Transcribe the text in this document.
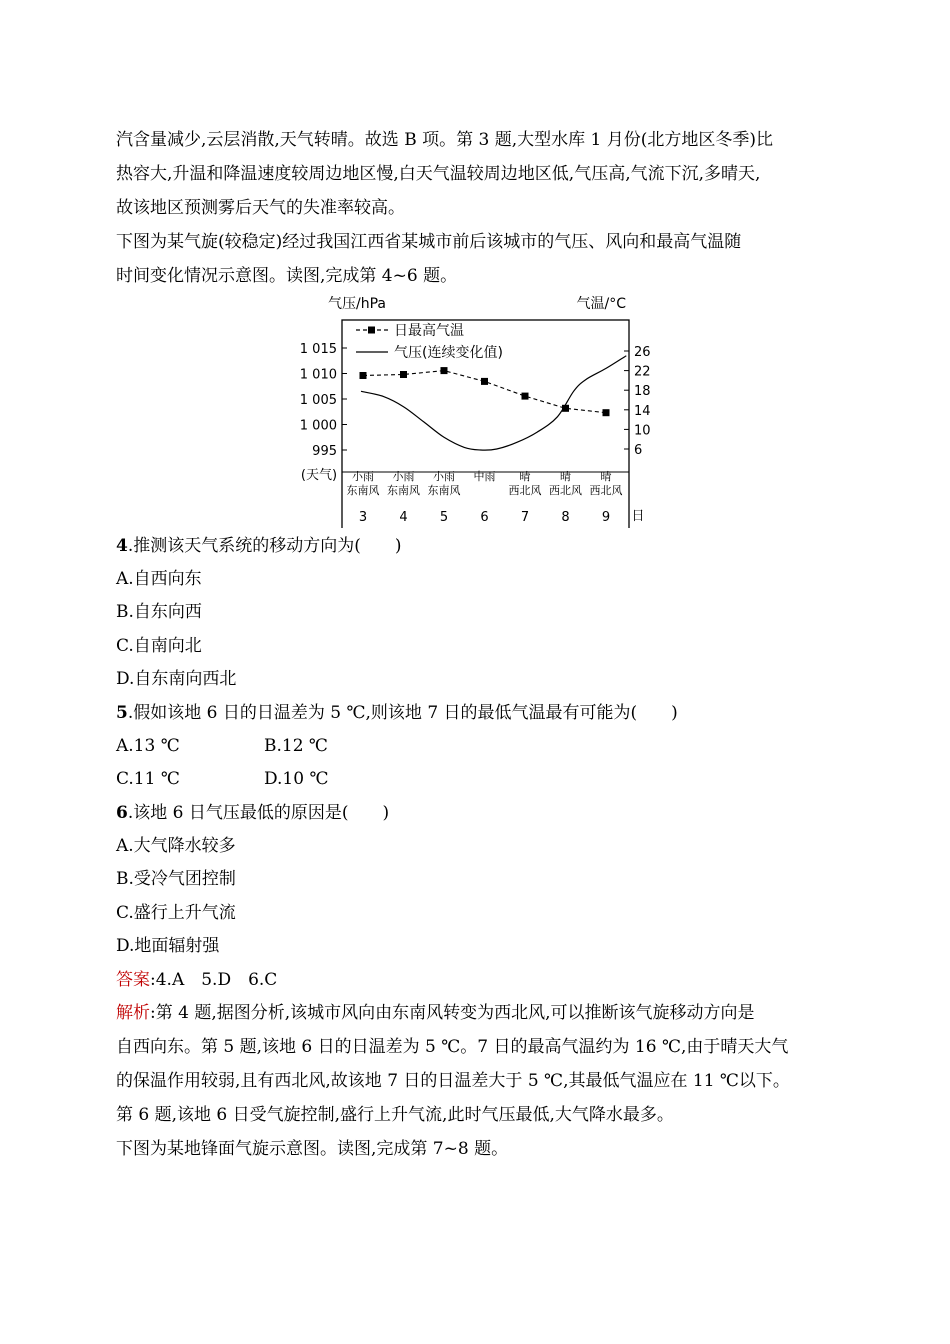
汽含量减少,云层消散,天气转晴。故选 B 项。第 3 题,大型水库 1 月份(北方地区冬季)比
热容大,升温和降温速度较周边地区慢,白天气温较周边地区低,气压高,气流下沉,多晴天,
故该地区预测雾后天气的失准率较高。
下图为某气旋(较稳定)经过我国江西省某城市前后该城市的气压、风向和最高气温随
时间变化情况示意图。读图,完成第 4~6 题。
气压/hPa	气温/°C
1 015
1 010
1 005
1 000
995
26
22
18
14
10
6
3 4 5 6 7 8 9
小雨
东南风
小雨
东南风
小雨
东南风
中雨 晴
西北风
晴
西北风
晴
西北风
(天气)
日
日最高气温
气压(连续变化值)
4.推测该天气系统的移动方向为(　　)
A.自西向东
B.自东向西
C.自南向北
D.自东南向西北
5.假如该地 6 日的日温差为 5 ℃,则该地 7 日的最低气温最有可能为(　　)
A.13 ℃	B.12 ℃
C.11 ℃	D.10 ℃
6.该地 6 日气压最低的原因是(　　)
A.大气降水较多
B.受冷气团控制
C.盛行上升气流
D.地面辐射强
答案:4.A　5.D　6.C
解析:第 4 题,据图分析,该城市风向由东南风转变为西北风,可以推断该气旋移动方向是
自西向东。第 5 题,该地 6 日的日温差为 5 ℃。7 日的最高气温约为 16 ℃,由于晴天大气
的保温作用较弱,且有西北风,故该地 7 日的日温差大于 5 ℃,其最低气温应在 11 ℃以下。
第 6 题,该地 6 日受气旋控制,盛行上升气流,此时气压最低,大气降水最多。
下图为某地锋面气旋示意图。读图,完成第 7~8 题。
